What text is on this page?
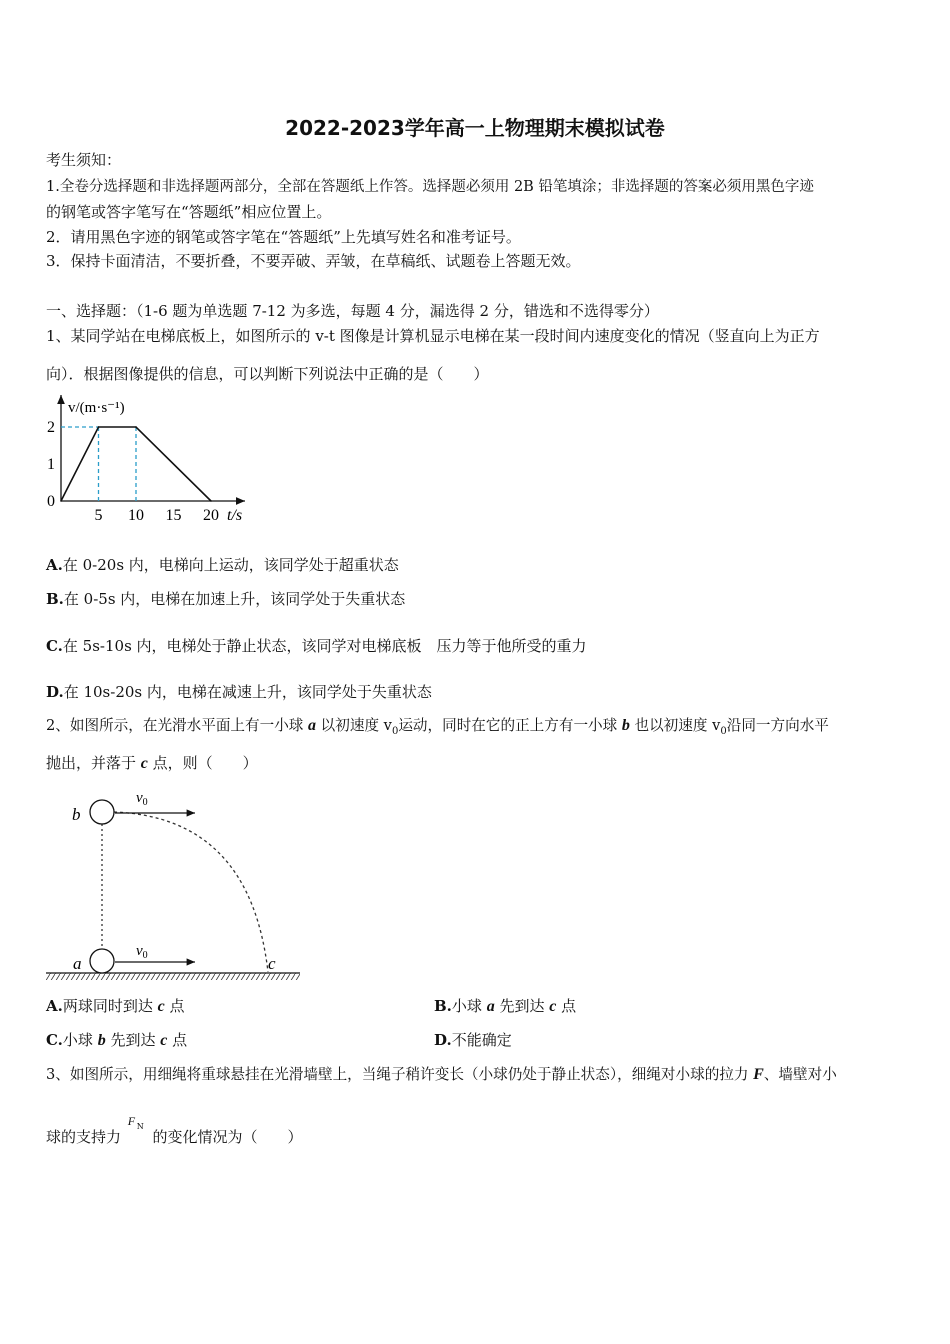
2022-2023学年高一上物理期末模拟试卷
考生须知：
1.全卷分选择题和非选择题两部分，全部在答题纸上作答。选择题必须用 2B 铅笔填涂；非选择题的答案必须用黑色字迹
的钢笔或答字笔写在“答题纸”相应位置上。
2．请用黑色字迹的钢笔或答字笔在“答题纸”上先填写姓名和准考证号。
3．保持卡面清洁，不要折叠，不要弄破、弄皱，在草稿纸、试题卷上答题无效。
一、选择题：（1-6 题为单选题 7-12 为多选，每题 4 分，漏选得 2 分，错选和不选得零分）
1、某同学站在电梯底板上，如图所示的 v-t 图像是计算机显示电梯在某一段时间内速度变化的情况（竖直向上为正方
向）．根据图像提供的信息，可以判断下列说法中正确的是（　　）
5 10 15 20
0
1
2
v/(m·s⁻¹)
t/s
A.在 0-20s 内，电梯向上运动，该同学处于超重状态
B.在 0-5s 内，电梯在加速上升，该同学处于失重状态
C.在 5s-10s 内，电梯处于静止状态，该同学对电梯底板　压力等于他所受的重力
D.在 10s-20s 内，电梯在减速上升，该同学处于失重状态
2、如图所示，在光滑水平面上有一小球 a 以初速度 $v_0$运动，同时在它的正上方有一小球 b 也以初速度 $v_0$沿同一方向水平
抛出，并落于 c 点，则（　　）
b
a	c
$v_0$
$v_0$
A.两球同时到达 c 点	B.小球 a 先到达 c 点
C.小球 b 先到达 c 点	D.不能确定
3、如图所示，用细绳将重球悬挂在光滑墙壁上，当绳子稍许变长（小球仍处于静止状态），细绳对小球的拉力 F、墙壁对小
球的支持力
F N
的变化情况为（　　）
